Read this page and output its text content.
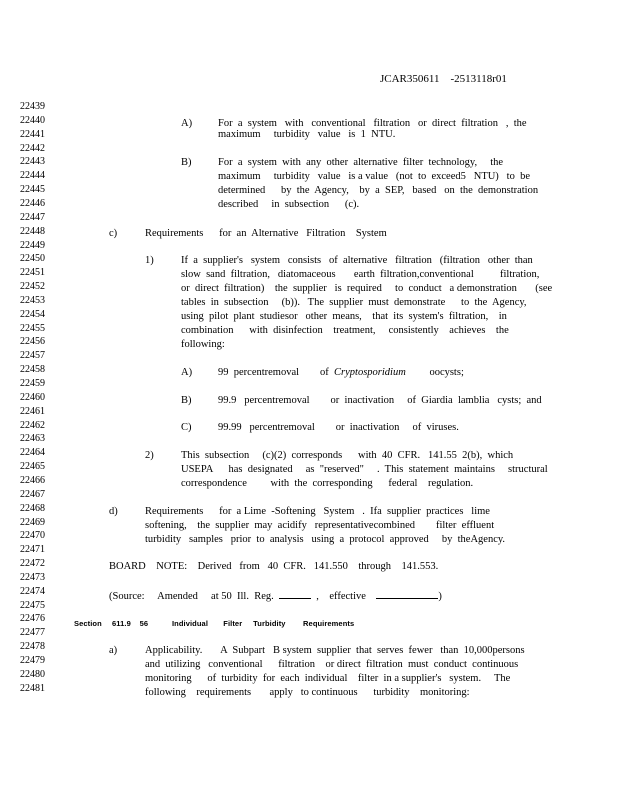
JCAR350611    -2513118r01
22439
22440
22441
22442
22443
22444
22445
22446
22447
22448
22449
22450
22451
22452
22453
22454
22455
22456
22457
22458
22459
22460
22461
22462
22463
22464
22465
22466
22467
22468
22469
22470
22471
22472
22473
22474
22475
22476
22477
22478
22479
22480
22481
A) For  a  system   with   conventional   filtration   or  direct  filtration   ,  the
maximum     turbidity   value   is  1  NTU.
B)	For  a  system  with  any  other  alternative  filter  technology,     the
maximum     turbidity   value   is a value   (not  to  exceed5   NTU)   to  be
determined      by  the  Agency,    by  a  SEP,   based   on  the  demonstration
described     in  subsection      (c).
c)	Requirements      for  an  Alternative   Filtration    System
1)	If  a  supplier's   system   consists   of  alternative   filtration   (filtration   other  than
slow  sand  filtration,   diatomaceous       earth  filtration,conventional          filtration,
or  direct  filtration)    the  supplier   is  required     to  conduct   a demonstration       (see
tables  in  subsection     (b)).   The  supplier  must  demonstrate      to  the  Agency,
using  pilot  plant  studiesor   other  means,    that  its  system's  filtration,    in
combination      with  disinfection    treatment,     consistently    achieves    the
following:
A) 99  percentremoval        of  Cryptosporidium         oocysts;
B)	99.9   percentremoval        or  inactivation     of  Giardia  lamblia   cysts;  and
C)	99.99   percentremoval        or  inactivation     of  viruses.
2)	This  subsection     (c)(2)  corresponds      with  40  CFR.   141.55  2(b),  which
USEPA      has  designated     as  "reserved"     .  This  statement  maintains     structural
correspondence         with  the  corresponding      federal    regulation.
d)	Requirements      for  a Lime  -Softening   System   .  Ifa  supplier  practices   lime
softening,    the  supplier  may  acidify   representativecombined        filter  effluent
turbidity   samples   prior  to  analysis   using  a  protocol  approved     by  theAgency.
BOARD    NOTE:    Derived   from   40  CFR.   141.550    through    141.553.
(Source:     Amended     at 50  Ill.  Reg.	,    effective	)
Section 611.9    56	Individual       Filter     Turbidity        Requirements
a)	Applicability.       A  Subpart   B system  supplier  that  serves  fewer   than  10,000persons
and  utilizing   conventional      filtration    or direct  filtration  must  conduct  continuous
monitoring      of  turbidity  for  each  individual    filter  in a supplier's   system.     The
following    requirements       apply   to continuous      turbidity    monitoring:
